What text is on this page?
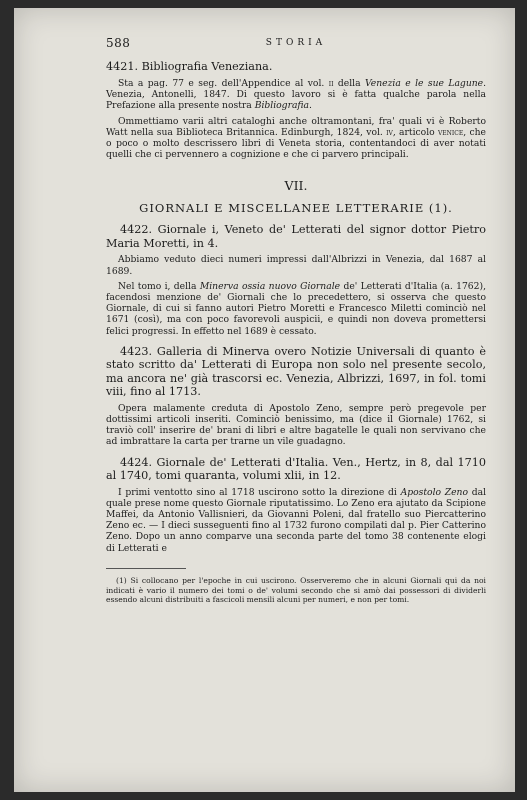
588	STORIA
4421. Bibliografia Veneziana.

Sta a pag. 77 e seg. dell'Appendice al vol. ii della Venezia e le sue Lagune. Venezia, Antonelli, 1847. Di questo lavoro si è fatta qualche parola nella Prefazione alla presente nostra Bibliografia.

Ommettiamo varii altri cataloghi anche oltramontani, fra' quali vi è Roberto Watt nella sua Biblioteca Britannica. Edinburgh, 1824, vol. iv, articolo venice, che o poco o molto descrissero libri di Veneta storia, contentandoci di aver notati quelli che ci pervennero a cognizione e che ci parvero principali.

VII.
GIORNALI E MISCELLANEE LETTERARIE (1).

4422. Giornale i, Veneto de' Letterati del signor dottor Pietro Maria Moretti, in 4.

Abbiamo veduto dieci numeri impressi dall'Albrizzi in Venezia, dal 1687 al 1689.

Nel tomo i, della Minerva ossia nuovo Giornale de' Letterati d'Italia (a. 1762), facendosi menzione de' Giornali che lo precedettero, si osserva che questo Giornale, di cui si fanno autori Pietro Moretti e Francesco Miletti cominciò nel 1671 (così), ma con poco favorevoli auspicii, e quindi non doveva promettersi felici progressi. In effetto nel 1689 è cessato.

4423. Galleria di Minerva overo Notizie Universali di quanto è stato scritto da' Letterati di Europa non solo nel presente secolo, ma ancora ne' già trascorsi ec. Venezia, Albrizzi, 1697, in fol. tomi viii, fino al 1713.

Opera malamente creduta di Apostolo Zeno, sempre però pregevole per dottissimi articoli inseriti. Cominciò benissimo, ma (dice il Giornale) 1762, si traviò coll' inserire de' brani di libri e altre bagatelle le quali non servivano che ad imbrattare la carta per trarne un vile guadagno.

4424. Giornale de' Letterati d'Italia. Ven., Hertz, in 8, dal 1710 al 1740, tomi quaranta, volumi xlii, in 12.

I primi ventotto sino al 1718 uscirono sotto la direzione di Apostolo Zeno dal quale prese nome questo Giornale riputatissimo. Lo Zeno era ajutato da Scipione Maffei, da Antonio Vallisnieri, da Giovanni Poleni, dal fratello suo Piercatterino Zeno ec. — I dieci susseguenti fino al 1732 furono compilati dal p. Pier Catterino Zeno. Dopo un anno comparve una seconda parte del tomo 38 contenente elogi di Letterati e

(1) Si collocano per l'epoche in cui uscirono. Osserveremo che in alcuni Giornali qui da noi indicati è vario il numero dei tomi o de' volumi secondo che si amò dai possessori di dividerli essendo alcuni distribuiti a fascicoli mensili alcuni per numeri, e non per tomi.
